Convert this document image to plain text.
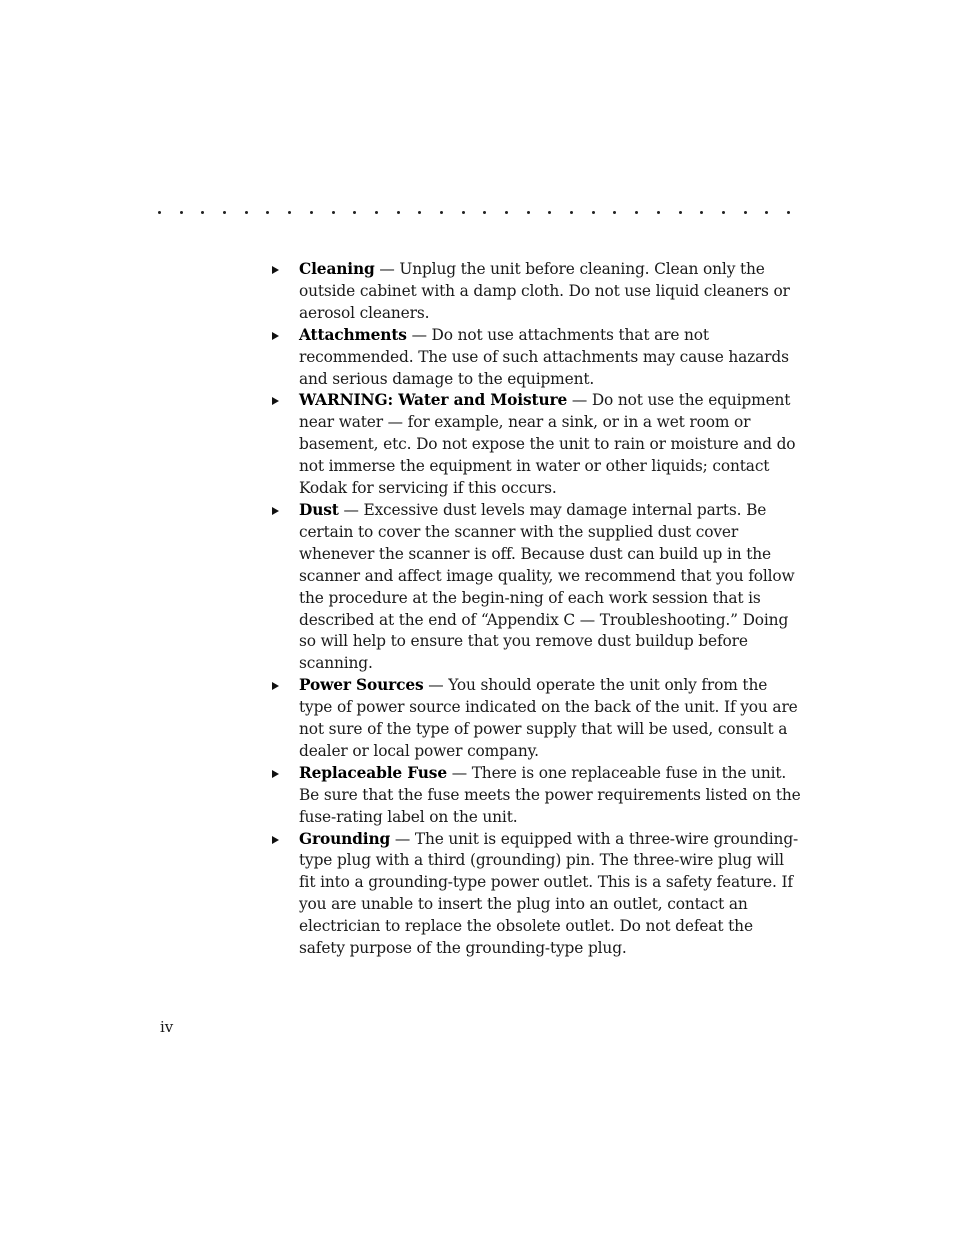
Cleaning — Unplug the unit before cleaning. Clean only the outside cabinet with a damp cloth. Do not use liquid cleaners or aerosol cleaners.
Attachments — Do not use attachments that are not recommended. The use of such attachments may cause hazards and serious damage to the equipment.
WARNING: Water and Moisture — Do not use the equipment near water — for example, near a sink, or in a wet room or basement, etc. Do not expose the unit to rain or moisture and do not immerse the equipment in water or other liquids; contact Kodak for servicing if this occurs.
Dust — Excessive dust levels may damage internal parts. Be certain to cover the scanner with the supplied dust cover whenever the scanner is off. Because dust can build up in the scanner and affect image quality, we recommend that you follow the procedure at the begin-ning of each work session that is described at the end of “Appendix C — Troubleshooting.” Doing so will help to ensure that you remove dust buildup before scanning.
Power Sources — You should operate the unit only from the type of power source indicated on the back of the unit. If you are not sure of the type of power supply that will be used, consult a dealer or local power company.
Replaceable Fuse — There is one replaceable fuse in the unit. Be sure that the fuse meets the power requirements listed on the fuse-rating label on the unit.
Grounding — The unit is equipped with a three-wire grounding-type plug with a third (grounding) pin. The three-wire plug will fit into a grounding-type power outlet. This is a safety feature. If you are unable to insert the plug into an outlet, contact an electrician to replace the obsolete outlet. Do not defeat the safety purpose of the grounding-type plug.
iv
